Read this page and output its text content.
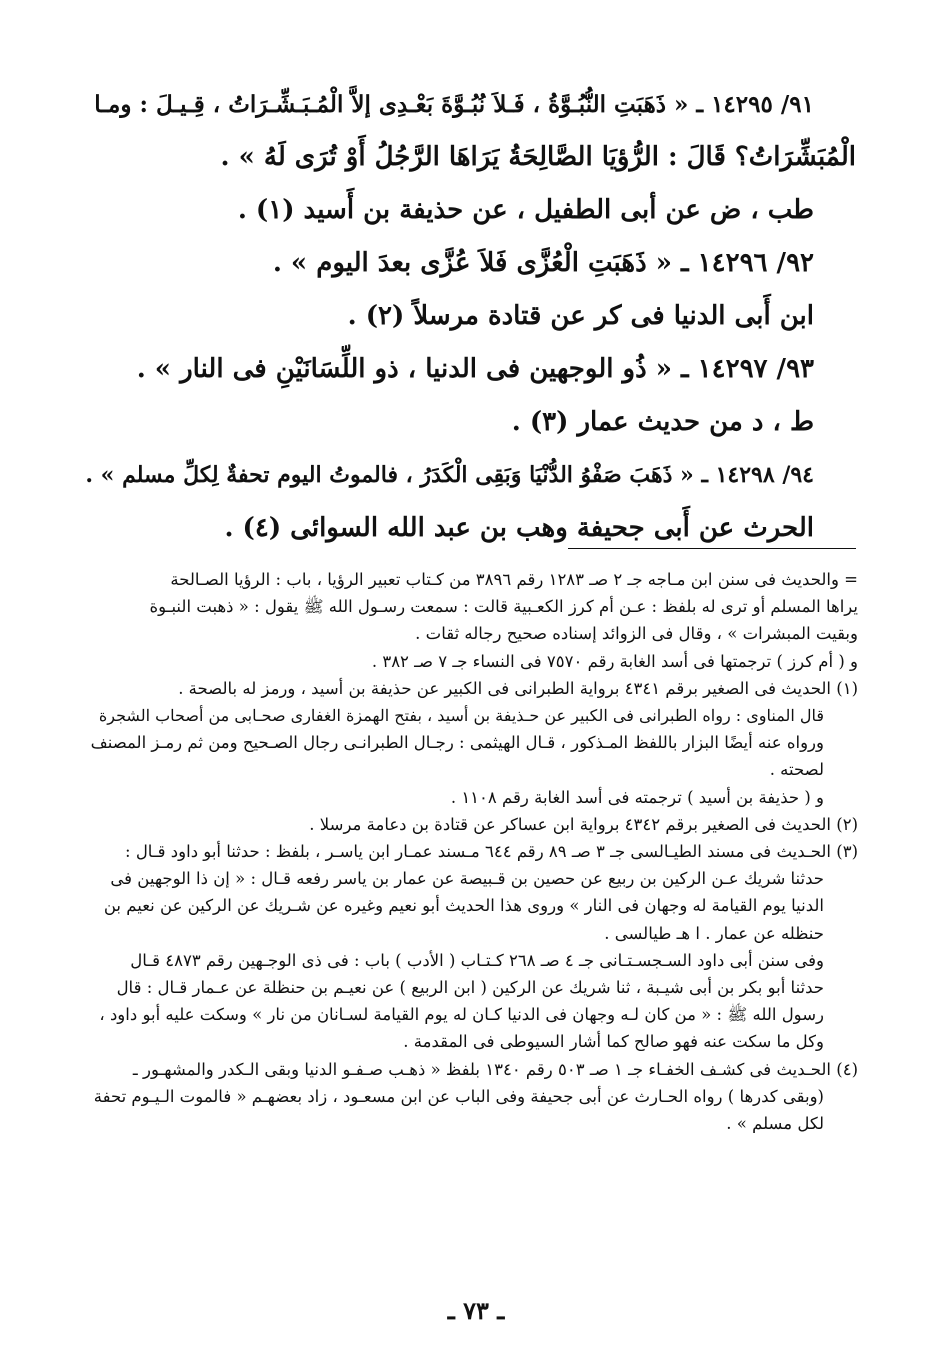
٩١/ ١٤٢٩٥ ـ « ذَهَبَتِ النُّبُـوَّةُ ، فَـلاَ نُبُـوَّةَ بَعْـدِى إلاَّ الْمُـبَـشِّـرَاتُ ، قِـيـلَ : ومـا

الْمُبَشِّرَاتُ؟ قَالَ : الرُّؤيَا الصَّالِحَةُ يَرَاهَا الرَّجُلُ أَوْ تُرَى لَهُ » .

طب ، ض عن أبى الطفيل ، عن حذيفة بن أَسيد (١) .

٩٢/ ١٤٢٩٦ ـ « ذَهَبَتِ الْعُزَّى فَلاَ عُزَّى بعدَ اليوم » .

ابن أَبى الدنيا فى كر عن قتادة مرسلاً (٢) .

٩٣/ ١٤٢٩٧ ـ « ذُو الوجهين فى الدنيا ، ذو اللِّسَانَيْنِ فى النار » .

ط ، د من حديث عمار (٣) .

٩٤/ ١٤٢٩٨ ـ « ذَهَبَ صَفْوُ الدُّنْيَا وَبَقِى الْكَدَرُ ، فالموتُ اليوم تحفةٌ لِكلِّ مسلم » .

الحرث عن أَبى جحيفة وهب بن عبد الله السوائى (٤) .

= والحديث فى سنن ابن مـاجه جـ ٢ صـ ١٢٨٣ رقم ٣٨٩٦ من كـتاب تعبير الرؤيا ، باب : الرؤيا الصـالحة

يراها المسلم أو ترى له بلفظ : عـن أم كرز الكعـبية قالت : سمعت رسـول الله ﷺ يقول : « ذهبت النبـوة

وبقيت المبشرات » ، وقال فى الزوائد إسناده صحيح رجاله ثقات .

و ( أم كرز ) ترجمتها فى أسد الغابة رقم ٧٥٧٠ فى النساء جـ ٧ صـ ٣٨٢ .

(١) الحديث فى الصغير برقم ٤٣٤١ برواية الطبرانى فى الكبير عن حذيفة بن أسيد ، ورمز له بالصحة .

قال المناوى : رواه الطبرانى فى الكبير عن حـذيفة بن أسيد ، بفتح الهمزة الغفارى صحـابى من أصحاب الشجرة

ورواه عنه أيضًا البزار باللفظ المـذكور ، قـال الهيثمى : رجـال الطبرانـى رجال الصـحيح ومن ثم رمـز المصنف

لصحته .

و ( حذيفة بن أسيد ) ترجمته فى أسد الغابة رقم ١١٠٨ .

(٢) الحديث فى الصغير برقم ٤٣٤٢ برواية ابن عساكر عن قتادة بن دعامة مرسلا .

(٣) الحـديث فى مسند الطيـالسى جـ ٣ صـ ٨٩ رقم ٦٤٤ مـسند عمـار ابن ياسـر ، بلفظ : حدثنا أبو داود قـال :

حدثنا شريك عـن الركين بن ربيع عن حصين بن قـبيصة عن عمار بن ياسر رفعه قـال : « إن ذا الوجهين فى

الدنيا يوم القيامة له وجهان فى النار » وروى هذا الحديث أبو نعيم وغيره عن شـريك عن الركين عن نعيم بن

حنظله عن عمار . ا هـ طيالسى .

وفى سنن أبى داود السـجسـتـانى جـ ٤ صـ ٢٦٨ كـتـاب ( الأدب ) باب : فى ذى الوجـهين رقم ٤٨٧٣ قـال

حدثنا أبو بكر بن أبى شيـبة ، ثنا شريك عن الركين ( ابن الربيع ) عن نعيـم بن حنظلة عن عـمار قـال : قال

رسول الله ﷺ : « من كان لـه وجهان فى الدنيا كـان له يوم القيامة لسـانان من نار » وسكت عليه أبو داود ،

وكل ما سكت عنه فهو صالح كما أشار السيوطى فى المقدمة .

(٤) الحـديث فى كشـف الخفـاء جـ ١ صـ ٥٠٣ رقم ١٣٤٠ بلفظ « ذهـب صـفـو الدنيا وبقى الـكدر والمشهـور ـ

(وبقى كدرها ) رواه الحـارث عن أبى جحيفة وفى الباب عن ابن مسعـود ، زاد بعضهـم « فالموت الـيـوم تحفة

لكل مسلم » .

ـ ٧٣ ـ
